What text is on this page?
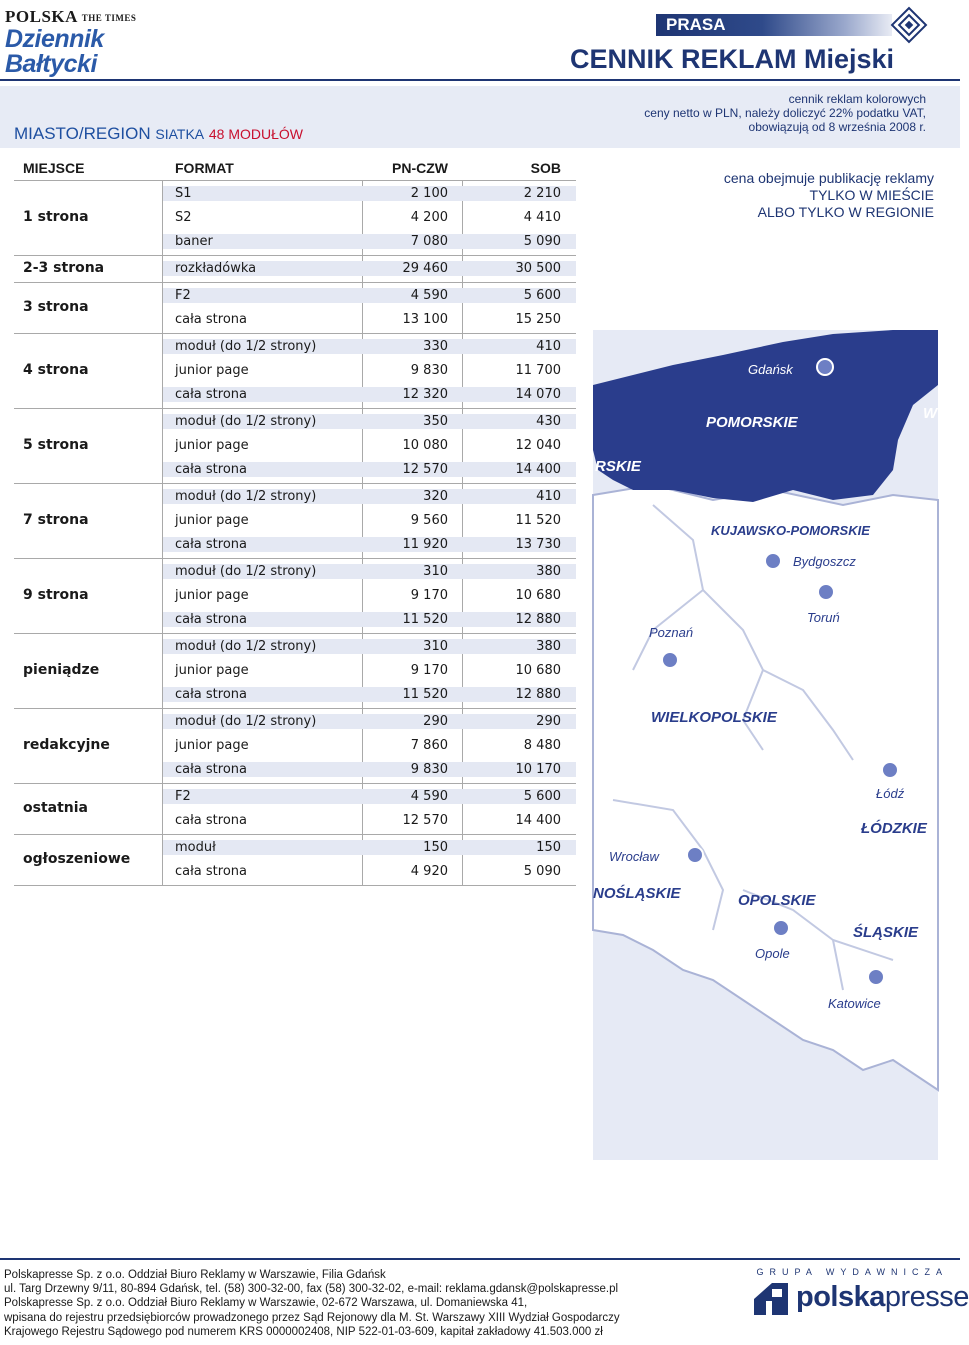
POLSKA THE TIMES
Dziennik
Bałtycki
PRASA
CENNIK REKLAM Miejski
MIASTO/REGION SIATKA 48 MODUŁÓW
cennik reklam kolorowych
ceny netto w PLN, należy doliczyć 22% podatku VAT,
obowiązują od 8 września 2008 r.
cena obejmuje publikację reklamy
TYLKO W MIEŚCIE
ALBO TYLKO W REGIONIE
MIEJSCE	FORMAT	PN-CZW	SOB
1 strona
S1	2 100	2 210
S2	4 200	4 410
baner	7 080	5 090
2-3 strona	rozkładówka	29 460	30 500
3 strona
F2	4 590	5 600
cała strona	13 100	15 250
4 strona
moduł (do 1/2 strony)	330	410
junior page	9 830	11 700
cała strona	12 320	14 070
5 strona
moduł (do 1/2 strony)	350	430
junior page	10 080	12 040
cała strona	12 570	14 400
7 strona
moduł (do 1/2 strony)	320	410
junior page	9 560	11 520
cała strona	11 920	13 730
9 strona
moduł (do 1/2 strony)	310	380
junior page	9 170	10 680
cała strona	11 520	12 880
pieniądze
moduł (do 1/2 strony)	310	380
junior page	9 170	10 680
cała strona	11 520	12 880
redakcyjne
moduł (do 1/2 strony)	290	290
junior page	7 860	8 480
cała strona	9 830	10 170
ostatnia
F2	4 590	5 600
cała strona	12 570	14 400
ogłoszeniowe
moduł	150	150
cała strona	4 920	5 090
POMORSKIE
W
RSKIE
KUJAWSKO-POMORSKIE
WIELKOPOLSKIE
ŁÓDZKIE
NOŚLĄSKIE	OPOLSKIE
ŚLĄSKIE
Gdańsk
Bydgoszcz
Toruń
Poznań
Łódź
Wrocław
Opole
Katowice
Polskapresse Sp. z o.o. Oddział Biuro Reklamy w Warszawie, Filia Gdańsk
ul. Targ Drzewny 9/11, 80-894 Gdańsk, tel. (58) 300-32-00, fax (58) 300-32-02, e-mail: reklama.gdansk@polskapresse.pl
Polskapresse Sp. z o.o. Oddział Biuro Reklamy w Warszawie, 02-672 Warszawa, ul. Domaniewska 41,
wpisana do rejestru przedsiębiorców prowadzonego przez Sąd Rejonowy dla M. St. Warszawy XIII Wydział Gospodarczy
Krajowego Rejestru Sądowego pod numerem KRS 0000002408, NIP 522-01-03-609, kapitał zakładowy 41.503.000 zł
GRUPA WYDAWNICZA
polskapresse
